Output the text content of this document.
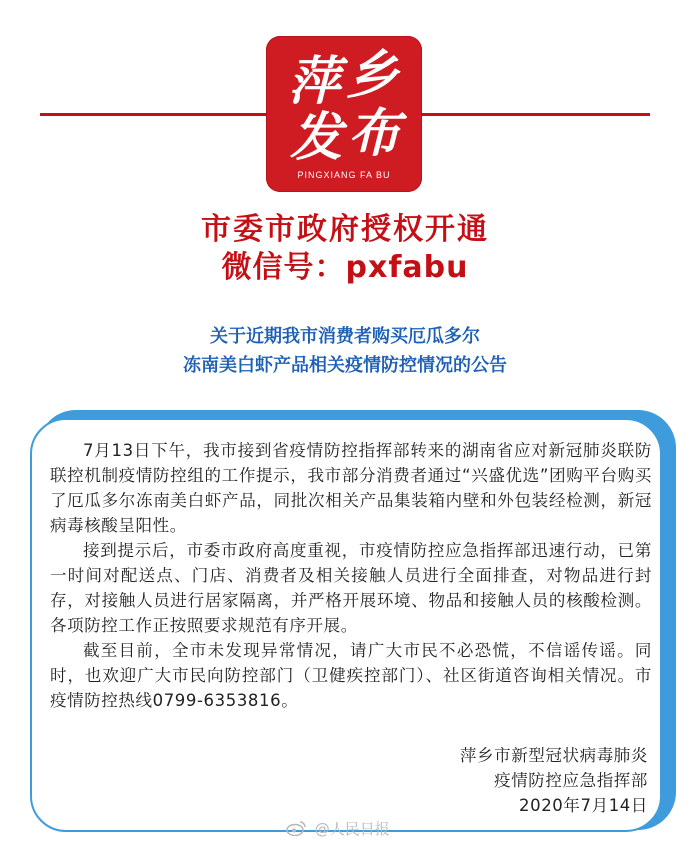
萍 乡
发 布
PINGXIANG FA BU
市委市政府授权开通
微信号：pxfabu
关于近期我市消费者购买厄瓜多尔
冻南美白虾产品相关疫情防控情况的公告

7月13日下午，我市接到省疫情防控指挥部转来的湖南省应对新冠肺炎联防联控机制疫情防控组的工作提示，我市部分消费者通过“兴盛优选”团购平台购买了厄瓜多尔冻南美白虾产品，同批次相关产品集装箱内壁和外包装经检测，新冠病毒核酸呈阳性。

接到提示后，市委市政府高度重视，市疫情防控应急指挥部迅速行动，已第一时间对配送点、门店、消费者及相关接触人员进行全面排查，对物品进行封存，对接触人员进行居家隔离，并严格开展环境、物品和接触人员的核酸检测。各项防控工作正按照要求规范有序开展。

截至目前，全市未发现异常情况，请广大市民不必恐慌，不信谣传谣。同时，也欢迎广大市民向防控部门（卫健疾控部门）、社区街道咨询相关情况。市疫情防控热线0799-6353816。

萍乡市新型冠状病毒肺炎
疫情防控应急指挥部
2020年7月14日
@人民日报
